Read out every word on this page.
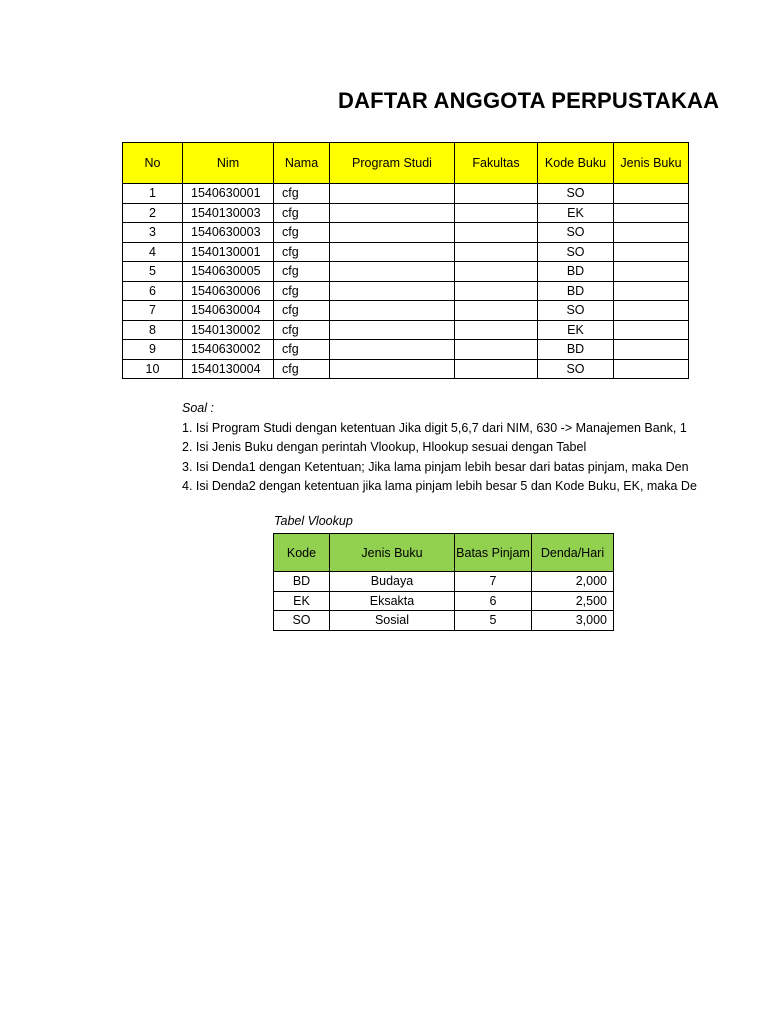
DAFTAR ANGGOTA PERPUSTAKAA
No	Nim	Nama	Program Studi	Fakultas	Kode Buku	Jenis Buku
1	1540630001	cfg			SO	
2	1540130003	cfg			EK	
3	1540630003	cfg			SO	
4	1540130001	cfg			SO	
5	1540630005	cfg			BD	
6	1540630006	cfg			BD	
7	1540630004	cfg			SO	
8	1540130002	cfg			EK	
9	1540630002	cfg			BD	
10	1540130004	cfg			SO	
Soal :
1. Isi Program Studi dengan ketentuan Jika digit 5,6,7 dari NIM, 630 -> Manajemen Bank, 1
2. Isi Jenis Buku dengan perintah Vlookup, Hlookup sesuai dengan Tabel
3. Isi Denda1 dengan Ketentuan; Jika lama pinjam lebih besar dari batas pinjam, maka Den
4. Isi Denda2 dengan ketentuan jika lama pinjam lebih besar 5 dan Kode Buku, EK, maka De
Tabel Vlookup
Kode	Jenis Buku	Batas Pinjam	Denda/Hari
BD	Budaya	7	2,000
EK	Eksakta	6	2,500
SO	Sosial	5	3,000
